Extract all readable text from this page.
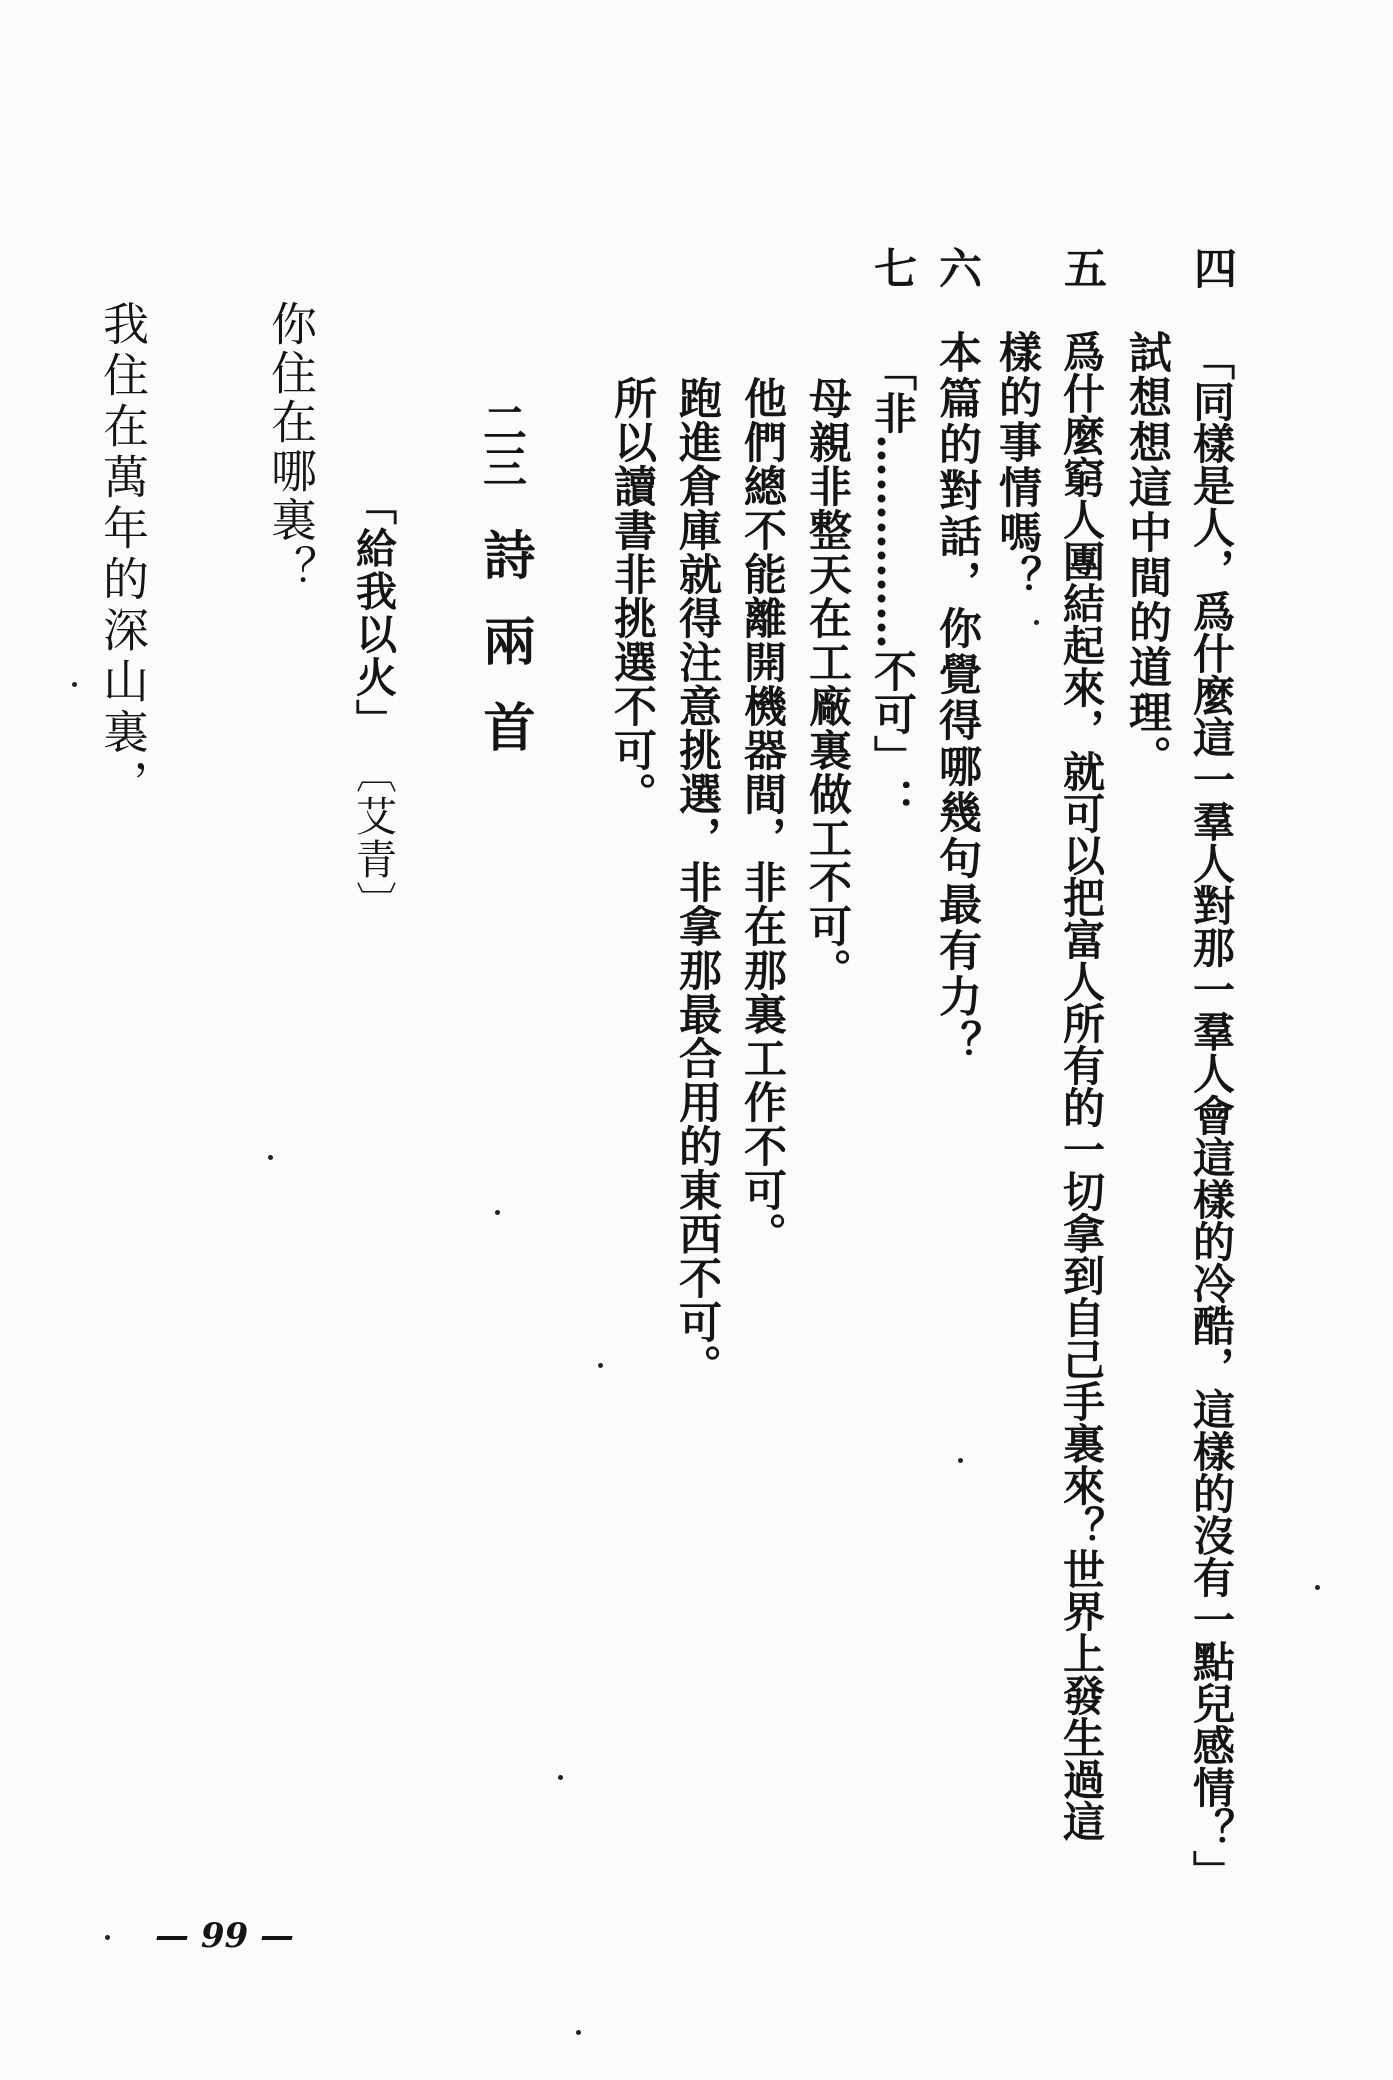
四
「同樣是人，爲什麼這一羣人對那一羣人會這樣的冷酷，這樣的沒有一點兒感情？」
試想想這中間的道理。
五
爲什麼窮人團結起來，就可以把富人所有的一切拿到自己手裏來？世界上發生過這
樣的事情嗎？
六
本篇的對話，你覺得哪幾句最有力？
七
「非……………不可」：
母親非整天在工廠裏做工不可。
他們總不能離開機器間，非在那裏工作不可。
跑進倉庫就得注意挑選，非拿那最合用的東西不可。
所以讀書非挑選不可。
二三
詩兩首
「給我以火」
〔艾青〕
你住在哪裏？
我住在萬年的深山裏，
— 99 —
